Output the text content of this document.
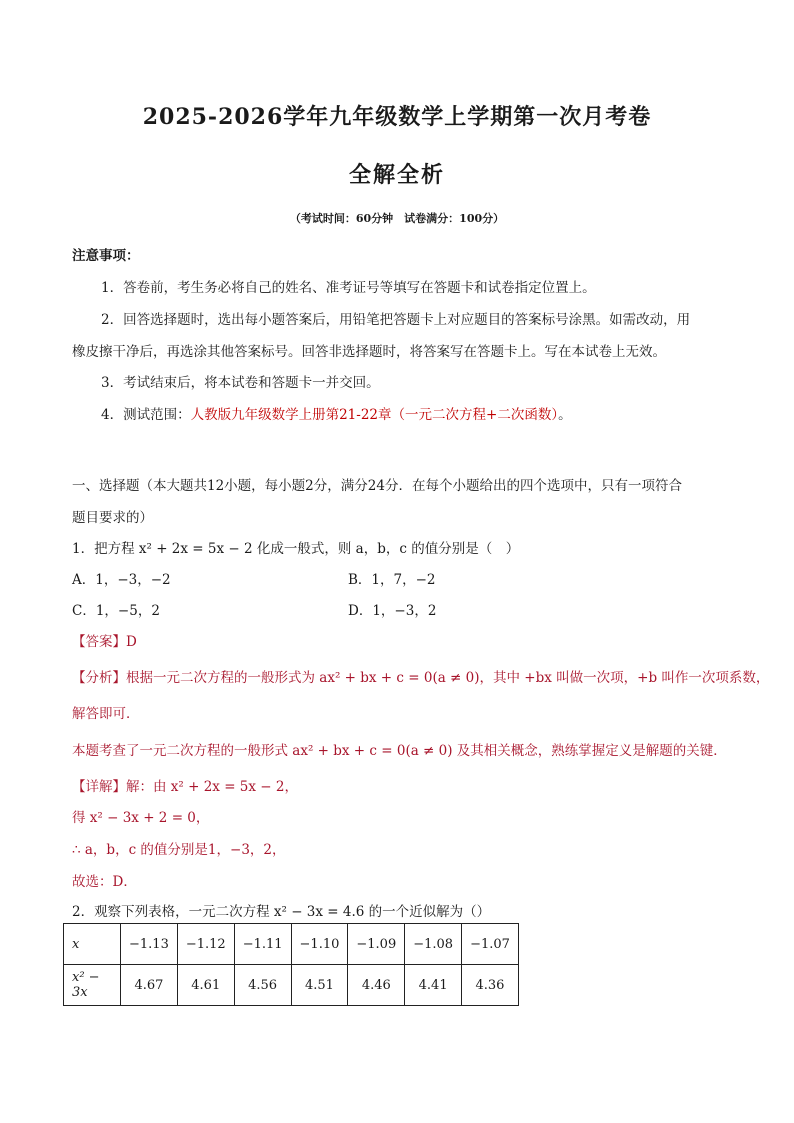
2025-2026学年九年级数学上学期第一次月考卷
全解全析
（考试时间：60分钟　试卷满分：100分）
注意事项：
1．答卷前，考生务必将自己的姓名、准考证号等填写在答题卡和试卷指定位置上。
2．回答选择题时，选出每小题答案后，用铅笔把答题卡上对应题目的答案标号涂黑。如需改动，用
橡皮擦干净后，再选涂其他答案标号。回答非选择题时，将答案写在答题卡上。写在本试卷上无效。
3．考试结束后，将本试卷和答题卡一并交回。
4．测试范围：人教版九年级数学上册第21-22章（一元二次方程+二次函数）。
一、选择题（本大题共12小题，每小题2分，满分24分．在每个小题给出的四个选项中，只有一项符合
题目要求的）
1．把方程 x² + 2x = 5x − 2 化成一般式，则 a，b，c 的值分别是（　）
A．1，−3，−2	B．1，7，−2
C．1，−5，2	D．1，−3，2
【答案】D
【分析】根据一元二次方程的一般形式为 ax² + bx + c = 0(a ≠ 0)，其中 +bx 叫做一次项，+b 叫作一次项系数，
解答即可．
本题考查了一元二次方程的一般形式 ax² + bx + c = 0(a ≠ 0) 及其相关概念，熟练掌握定义是解题的关键．
【详解】解：由 x² + 2x = 5x − 2，
得 x² − 3x + 2 = 0，
∴ a，b，c 的值分别是1，−3，2，
故选：D．
2．观察下列表格，一元二次方程 x² − 3x = 4.6 的一个近似解为（）
x	−1.13	−1.12	−1.11	−1.10	−1.09	−1.08	−1.07
x² − 3x	4.67	4.61	4.56	4.51	4.46	4.41	4.36
